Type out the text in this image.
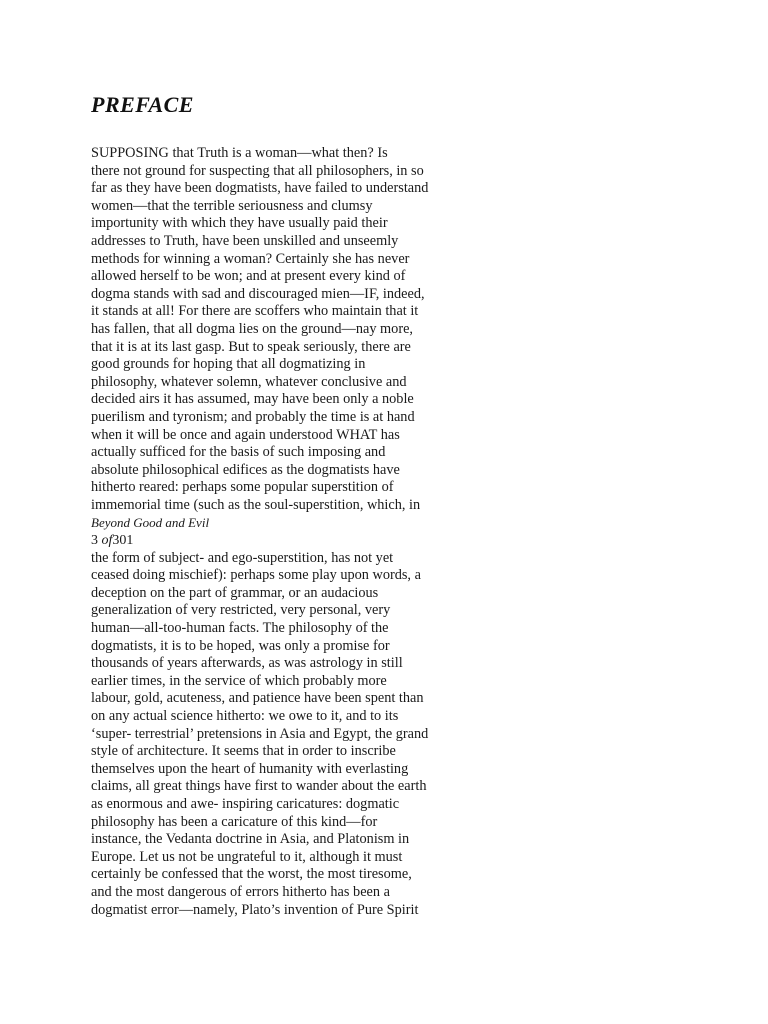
PREFACE
SUPPOSING that Truth is a woman—what then? Is
there not ground for suspecting that all philosophers, in so
far as they have been dogmatists, have failed to understand
women—that the terrible seriousness and clumsy
importunity with which they have usually paid their
addresses to Truth, have been unskilled and unseemly
methods for winning a woman? Certainly she has never
allowed herself to be won; and at present every kind of
dogma stands with sad and discouraged mien—IF, indeed,
it stands at all! For there are scoffers who maintain that it
has fallen, that all dogma lies on the ground—nay more,
that it is at its last gasp. But to speak seriously, there are
good grounds for hoping that all dogmatizing in
philosophy, whatever solemn, whatever conclusive and
decided airs it has assumed, may have been only a noble
puerilism and tyronism; and probably the time is at hand
when it will be once and again understood WHAT has
actually sufficed for the basis of such imposing and
absolute philosophical edifices as the dogmatists have
hitherto reared: perhaps some popular superstition of
immemorial time (such as the soul-superstition, which, in
Beyond Good and Evil
3 of301
the form of subject- and ego-superstition, has not yet
ceased doing mischief): perhaps some play upon words, a
deception on the part of grammar, or an audacious
generalization of very restricted, very personal, very
human—all-too-human facts. The philosophy of the
dogmatists, it is to be hoped, was only a promise for
thousands of years afterwards, as was astrology in still
earlier times, in the service of which probably more
labour, gold, acuteness, and patience have been spent than
on any actual science hitherto: we owe to it, and to its
‘super- terrestrial’ pretensions in Asia and Egypt, the grand
style of architecture. It seems that in order to inscribe
themselves upon the heart of humanity with everlasting
claims, all great things have first to wander about the earth
as enormous and awe- inspiring caricatures: dogmatic
philosophy has been a caricature of this kind—for
instance, the Vedanta doctrine in Asia, and Platonism in
Europe. Let us not be ungrateful to it, although it must
certainly be confessed that the worst, the most tiresome,
and the most dangerous of errors hitherto has been a
dogmatist error—namely, Plato’s invention of Pure Spirit
